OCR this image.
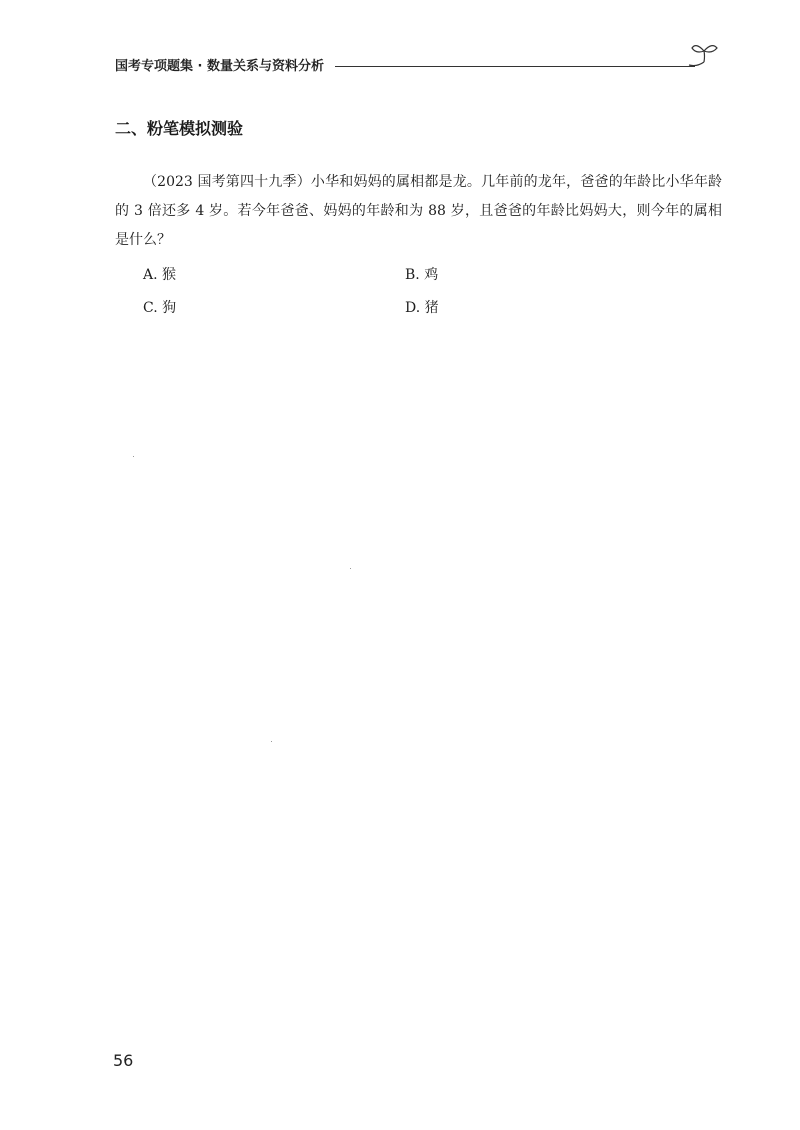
国考专项题集 · 数量关系与资料分析
二、粉笔模拟测验
（2023 国考第四十九季）小华和妈妈的属相都是龙。几年前的龙年，爸爸的年龄比小华年龄的 3 倍还多 4 岁。若今年爸爸、妈妈的年龄和为 88 岁，且爸爸的年龄比妈妈大，则今年的属相是什么？
A. 猴	B. 鸡
C. 狗	D. 猪
56
